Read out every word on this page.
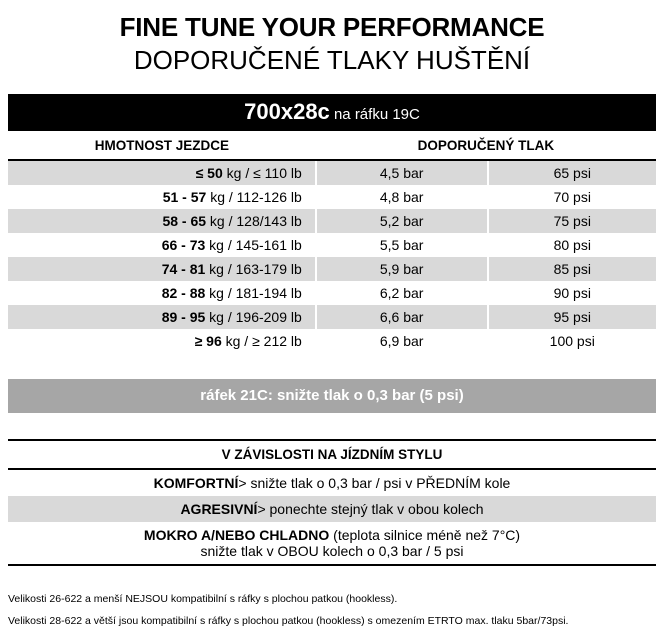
FINE TUNE YOUR PERFORMANCE
DOPORUČENÉ TLAKY HUŠTĚNÍ
700x28c na ráfku 19C
HMOTNOST JEZDCE	DOPORUČENÝ TLAK	
≤ 50 kg / ≤ 110 lb	4,5 bar	65 psi
51 - 57 kg / 112-126 lb	4,8 bar	70 psi
58 - 65 kg / 128/143 lb	5,2 bar	75 psi
66 - 73 kg / 145-161 lb	5,5 bar	80 psi
74 - 81 kg / 163-179 lb	5,9 bar	85 psi
82 - 88 kg / 181-194 lb	6,2 bar	90 psi
89 - 95 kg / 196-209 lb	6,6 bar	95 psi
≥ 96 kg / ≥ 212 lb	6,9 bar	100 psi
ráfek 21C: snižte tlak o 0,3 bar (5 psi)
V ZÁVISLOSTI NA JÍZDNÍM STYLU
KOMFORTNÍ> snižte tlak o 0,3 bar / psi v PŘEDNÍM kole
AGRESIVNÍ> ponechte stejný tlak v obou kolech
MOKRO A/NEBO CHLADNO (teplota silnice méně než 7°C)
snižte tlak v OBOU kolech o 0,3 bar / 5 psi

Velikosti 26-622 a menší NEJSOU kompatibilní s ráfky s plochou patkou (hookless).

Velikosti 28-622 a větší jsou kompatibilní s ráfky s plochou patkou (hookless) s omezením ETRTO max. tlaku 5bar/73psi.
